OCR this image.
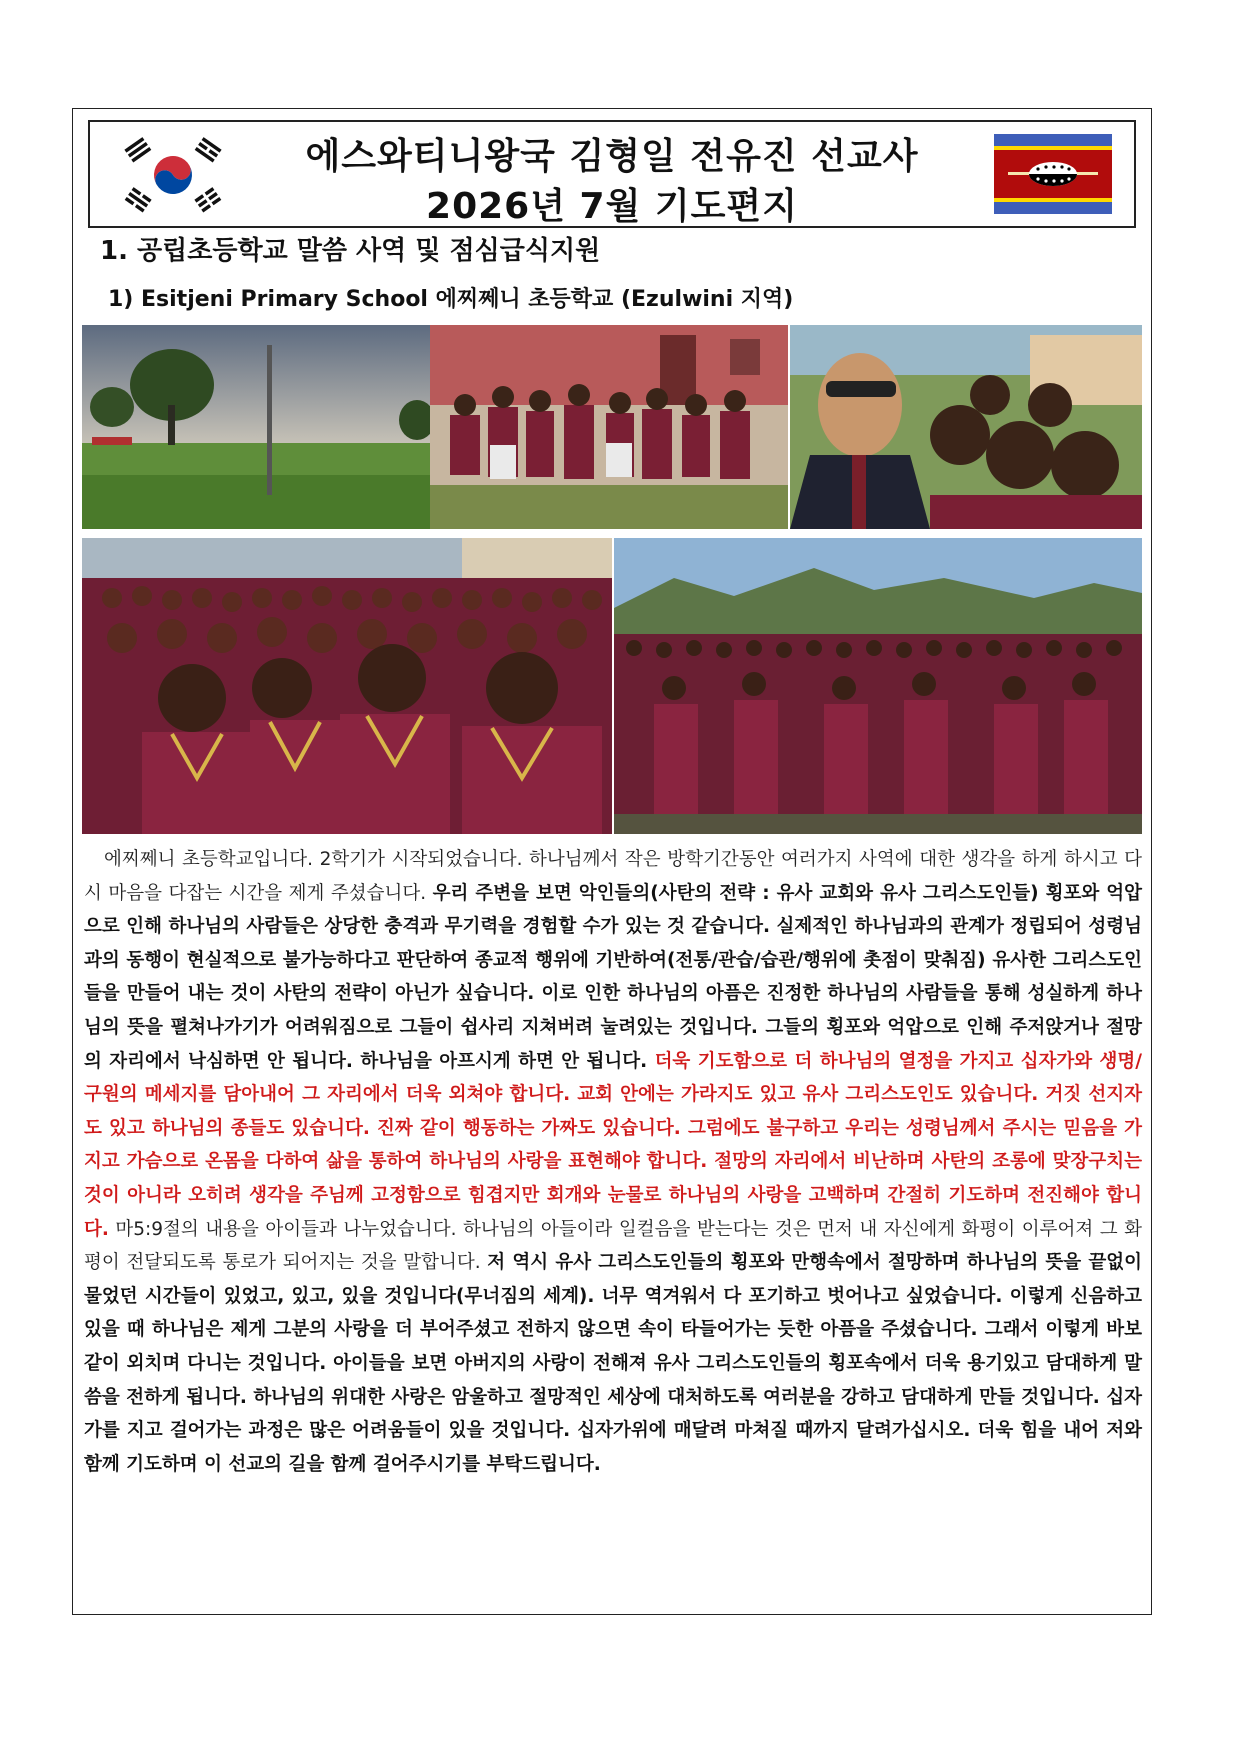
에스와티니왕국 김형일 전유진 선교사
2026년 7월 기도편지
1. 공립초등학교 말씀 사역 및 점심급식지원
1) Esitjeni Primary School 에찌쩨니 초등학교 (Ezulwini 지역)

에찌쩨니 초등학교입니다. 2학기가 시작되었습니다. 하나님께서 작은 방학기간동안 여러가지 사역에 대한 생각을 하게 하시고 다시 마음을 다잡는 시간을 제게 주셨습니다. 우리 주변을 보면 악인들의(사탄의 전략 : 유사 교회와 유사 그리스도인들) 횡포와 억압으로 인해 하나님의 사람들은 상당한 충격과 무기력을 경험할 수가 있는 것 같습니다. 실제적인 하나님과의 관계가 정립되어 성령님과의 동행이 현실적으로 불가능하다고 판단하여 종교적 행위에 기반하여(전통/관습/습관/행위에 촛점이 맞춰짐) 유사한 그리스도인들을 만들어 내는 것이 사탄의 전략이 아닌가 싶습니다. 이로 인한 하나님의 아픔은 진정한 하나님의 사람들을 통해 성실하게 하나님의 뜻을 펼쳐나가기가 어려워짐으로 그들이 쉽사리 지쳐버려 눌려있는 것입니다. 그들의 횡포와 억압으로 인해 주저앉거나 절망의 자리에서 낙심하면 안 됩니다. 하나님을 아프시게 하면 안 됩니다. 더욱 기도함으로 더 하나님의 열정을 가지고 십자가와 생명/구원의 메세지를 담아내어 그 자리에서 더욱 외쳐야 합니다. 교회 안에는 가라지도 있고 유사 그리스도인도 있습니다. 거짓 선지자도 있고 하나님의 종들도 있습니다. 진짜 같이 행동하는 가짜도 있습니다. 그럼에도 불구하고 우리는 성령님께서 주시는 믿음을 가지고 가슴으로 온몸을 다하여 삶을 통하여 하나님의 사랑을 표현해야 합니다. 절망의 자리에서 비난하며 사탄의 조롱에 맞장구치는 것이 아니라 오히려 생각을 주님께 고정함으로 힘겹지만 회개와 눈물로 하나님의 사랑을 고백하며 간절히 기도하며 전진해야 합니다. 마5:9절의 내용을 아이들과 나누었습니다. 하나님의 아들이라 일컬음을 받는다는 것은 먼저 내 자신에게 화평이 이루어져 그 화평이 전달되도록 통로가 되어지는 것을 말합니다. 저 역시 유사 그리스도인들의 횡포와 만행속에서 절망하며 하나님의 뜻을 끝없이 물었던 시간들이 있었고, 있고, 있을 것입니다(무너짐의 세계). 너무 역겨워서 다 포기하고 벗어나고 싶었습니다. 이렇게 신음하고 있을 때 하나님은 제게 그분의 사랑을 더 부어주셨고 전하지 않으면 속이 타들어가는 듯한 아픔을 주셨습니다. 그래서 이렇게 바보같이 외치며 다니는 것입니다. 아이들을 보면 아버지의 사랑이 전해져 유사 그리스도인들의 횡포속에서 더욱 용기있고 담대하게 말씀을 전하게 됩니다. 하나님의 위대한 사랑은 암울하고 절망적인 세상에 대처하도록 여러분을 강하고 담대하게 만들 것입니다. 십자가를 지고 걸어가는 과정은 많은 어려움들이 있을 것입니다. 십자가위에 매달려 마쳐질 때까지 달려가십시오. 더욱 힘을 내어 저와 함께 기도하며 이 선교의 길을 함께 걸어주시기를 부탁드립니다.
